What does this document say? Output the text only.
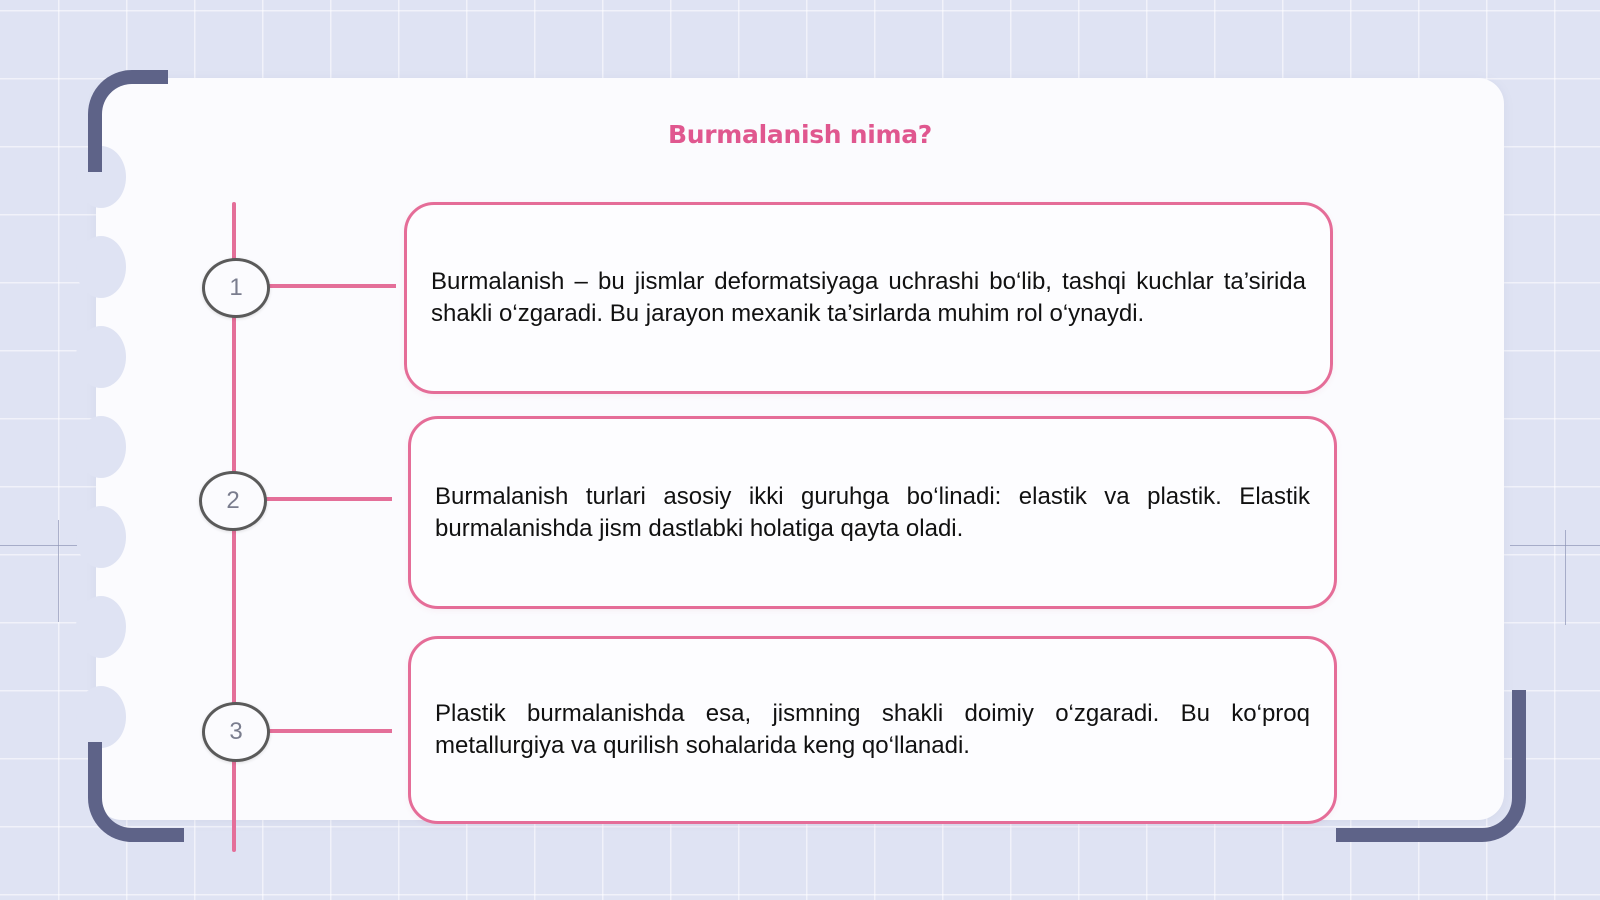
Burmalanish nima?
1	Burmalanish – bu jismlar deformatsiyaga uchrashi bo‘lib, tashqi kuchlar ta’sirida shakli o‘zgaradi. Bu jarayon mexanik ta’sirlarda muhim rol o‘ynaydi.

2	Burmalanish turlari asosiy ikki guruhga bo‘linadi: elastik va plastik. Elastik burmalanishda jism dastlabki holatiga qayta oladi.

3

Plastik burmalanishda esa, jismning shakli doimiy o‘zgaradi. Bu ko‘proq metallurgiya va qurilish sohalarida keng qo‘llanadi.
